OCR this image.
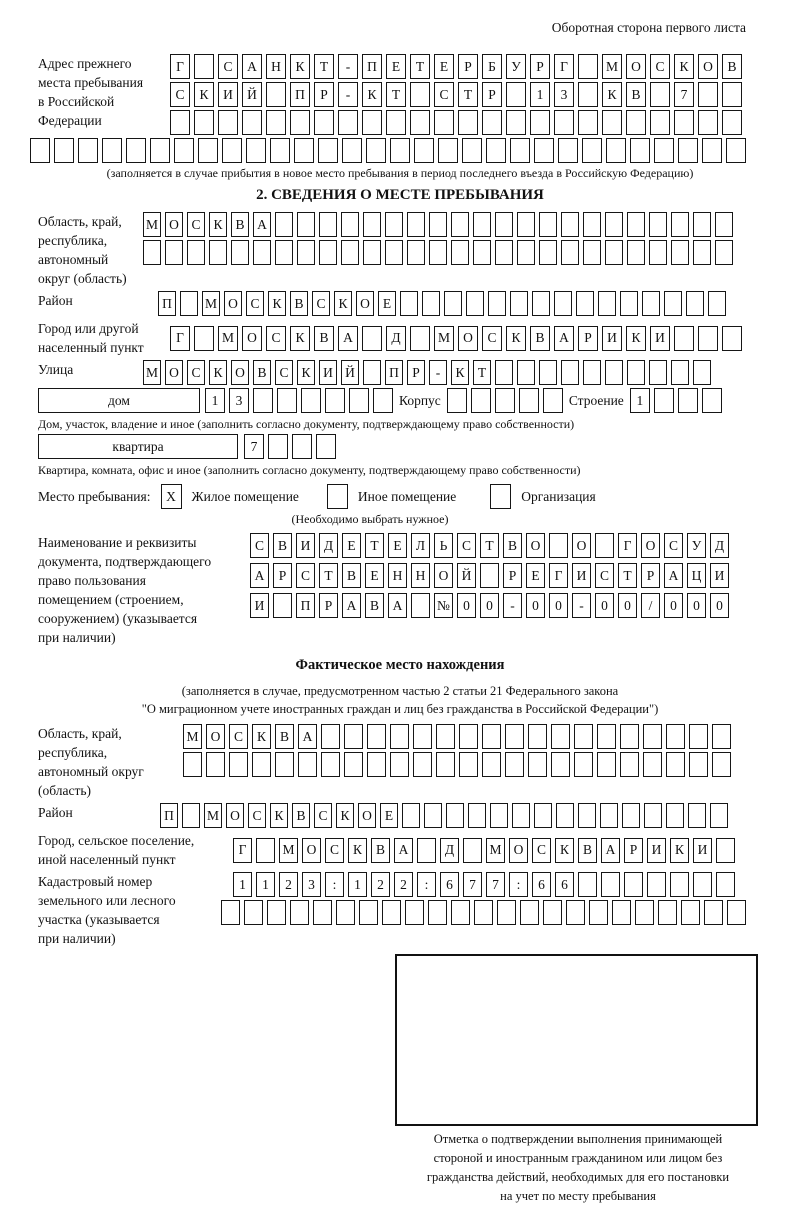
Оборотная сторона первого листа
Адрес прежнего
места пребывания
в Российской
Федерации
Г	С	А	Н	К	Т	-	П	Е	Т	Е	Р	Б	У	Р	Г	М О	С	К	О	В
С	К	И	Й	П	Р	-	К	Т	С	Т	Р	1	3	К	В	7
(заполняется в случае прибытия в новое место пребывания в период последнего въезда в Российскую Федерацию)
2. СВЕДЕНИЯ О МЕСТЕ ПРЕБЫВАНИЯ
Область, край,
республика,
автономный
округ (область)
М О С К В А
Район	П	М О С К В С К О Е
Город или другой
населенный пункт
Г	М О	С	К	В	А	Д	М О	С	К	В	А	Р	И	К	И
Улица	М О С К О В С К И Й	П Р	-	К Т
дом	1	3	Корпус	Строение 1
Дом, участок, владение и иное (заполнить согласно документу, подтверждающему право собственности)
квартира	7
Квартира, комната, офис и иное (заполнить согласно документу, подтверждающему право собственности)
Место пребывания:	X	Жилое помещение	Иное помещение	Организация
(Необходимо выбрать нужное)
Наименование и реквизиты
документа, подтверждающего
право пользования
помещением (строением,
сооружением) (указывается
при наличии)
С	В	И	Д	Е	Т	Е	Л	Ь	С	Т	В	О	О	Г	О	С	У	Д
А	Р	С	Т	В	Е	Н Н О Й	Р	Е	Г	И	С	Т	Р	А Ц И
И	П	Р	А	В	А	№ 0	0	-	0	0	-	0	0	/	0	0	0
Фактическое место нахождения
(заполняется в случае, предусмотренном частью 2 статьи 21 Федерального закона
"О миграционном учете иностранных граждан и лиц без гражданства в Российской Федерации")
Область, край,
республика,
автономный округ
(область)
М О	С	К	В	А
Район	П	М О С К В С К О Е
Город, сельское поселение,
иной населенный пункт
Г	М О	С	К	В	А	Д	М О	С	К	В	А	Р	И	К	И
Кадастровый номер
земельного или лесного
участка (указывается
при наличии)
1	1	2	3	:	1	2	2	:	6	7	7	:	6	6
Отметка о подтверждении выполнения принимающей
стороной и иностранным гражданином или лицом без
гражданства действий, необходимых для его постановки
на учет по месту пребывания
